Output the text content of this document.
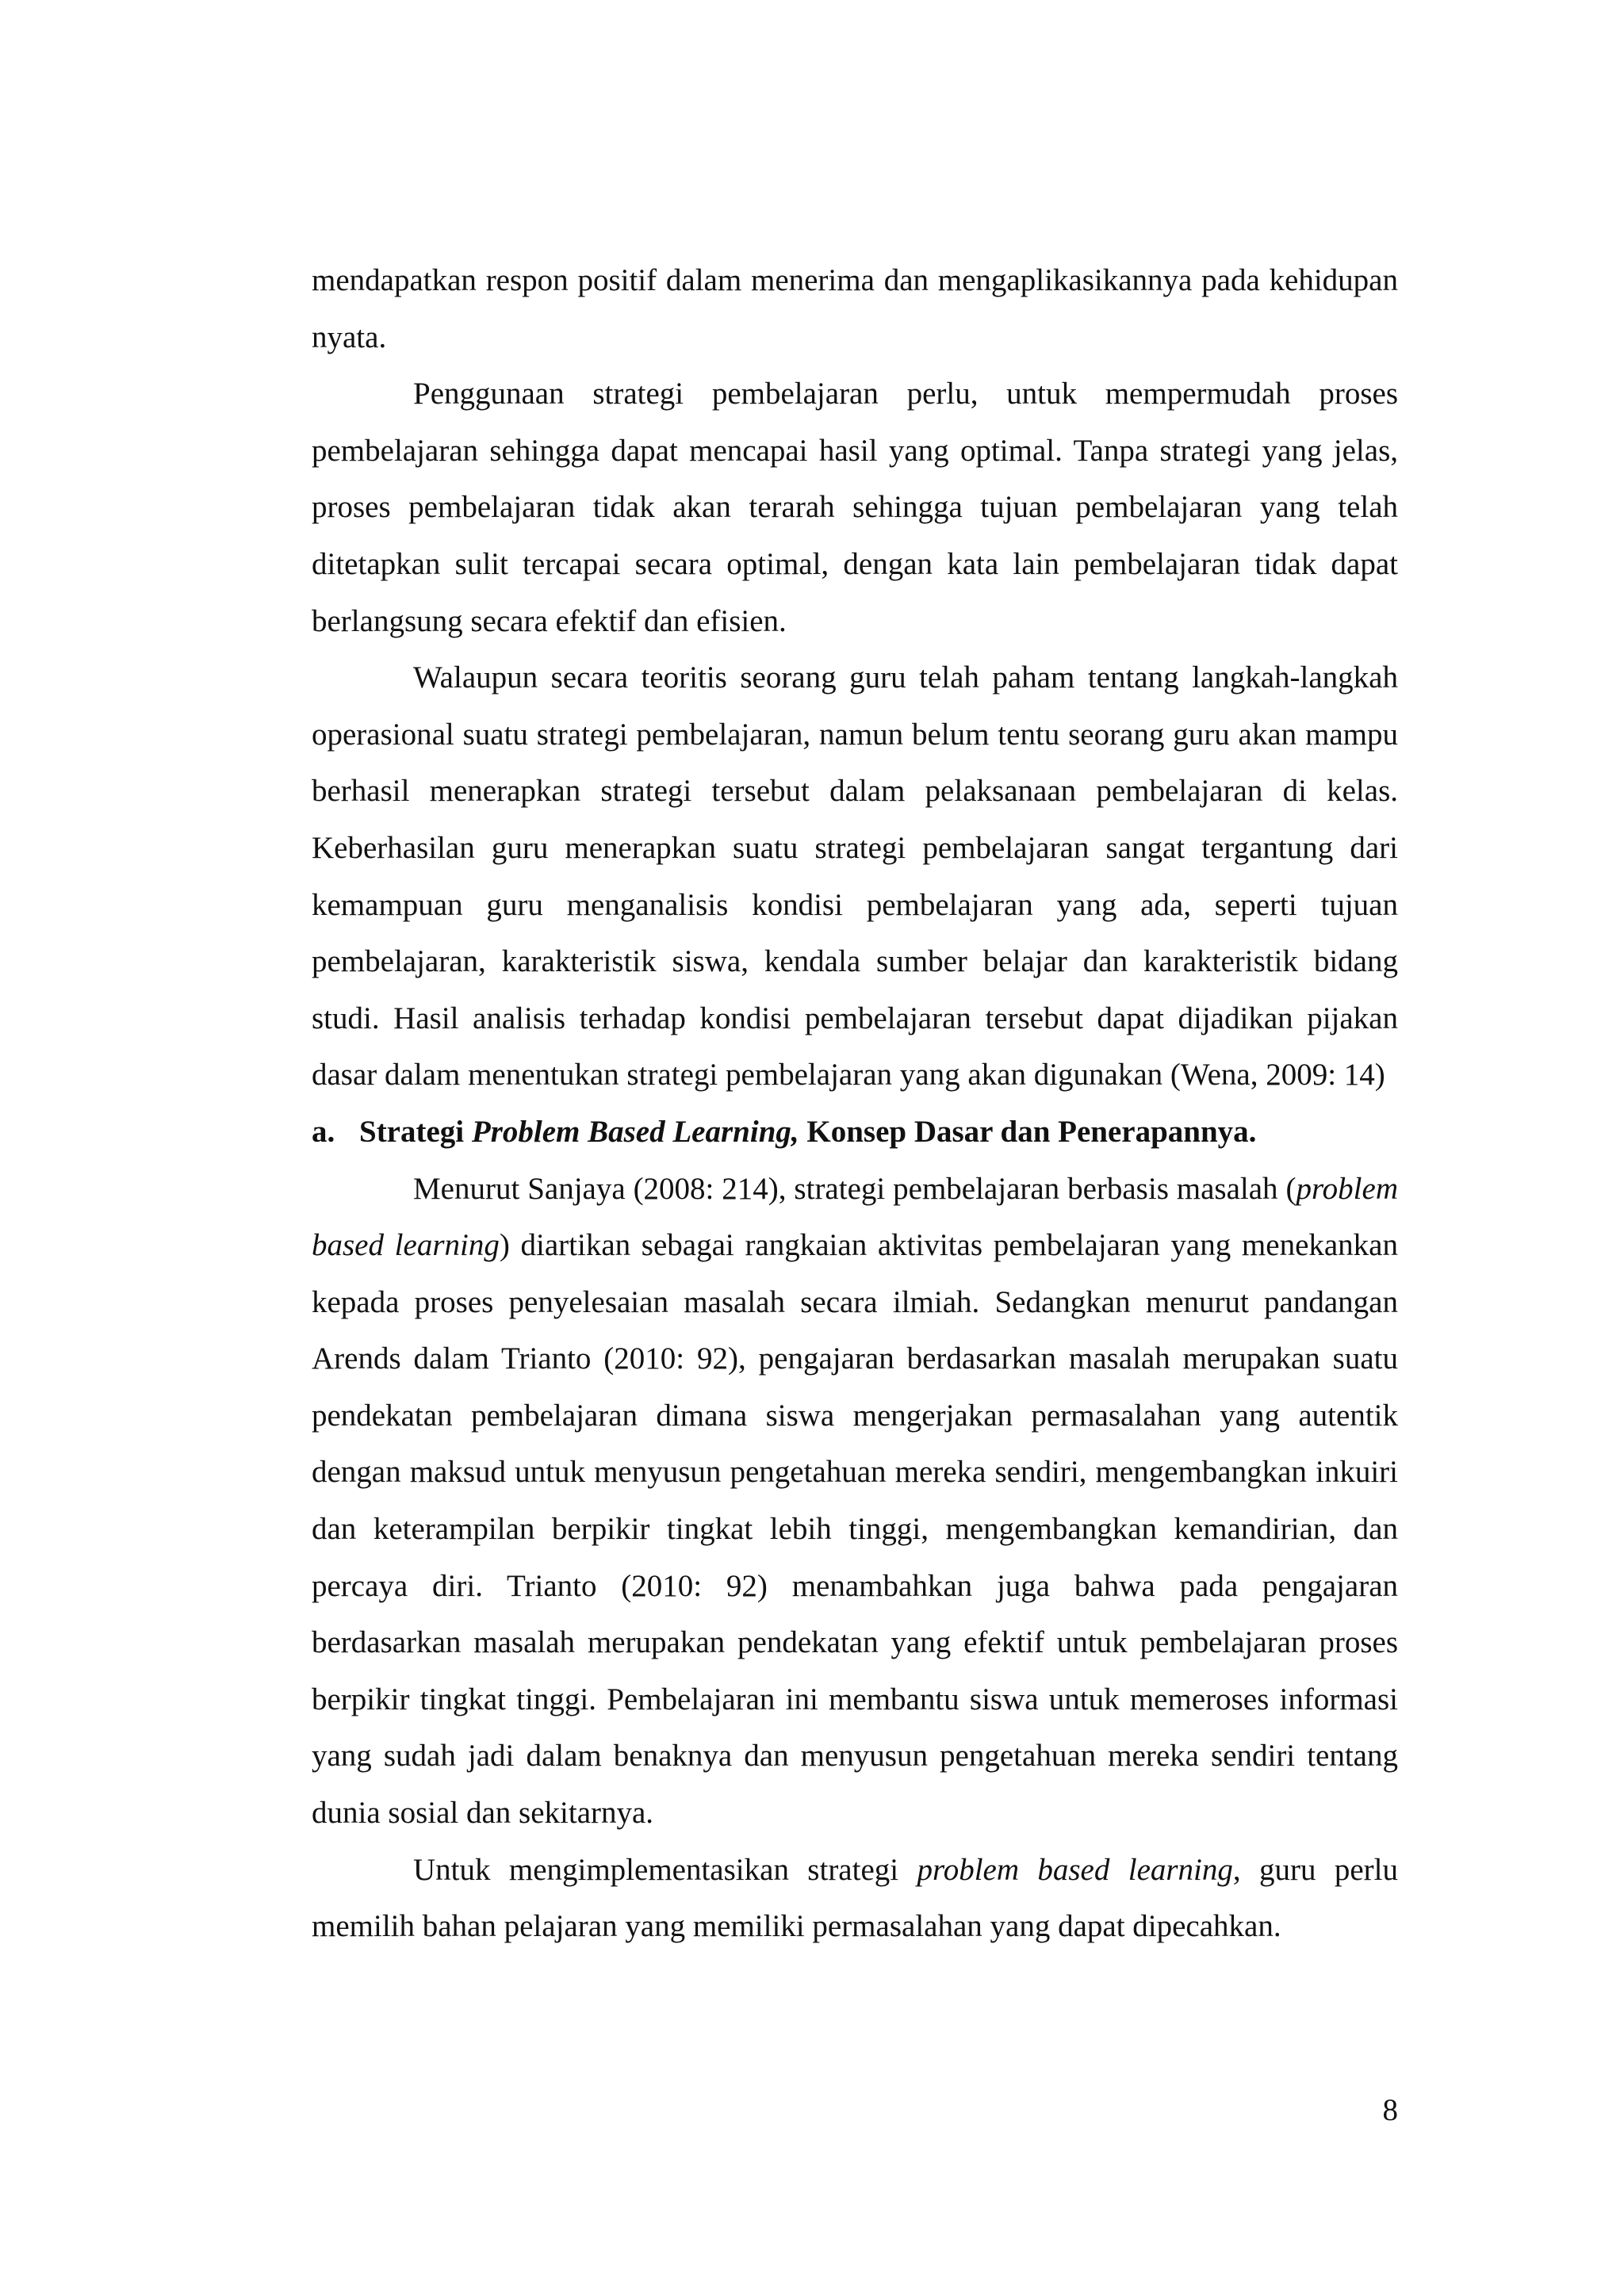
mendapatkan respon positif dalam menerima dan mengaplikasikannya pada kehidupan nyata.

Penggunaan strategi pembelajaran perlu, untuk mempermudah proses pembelajaran sehingga dapat mencapai hasil yang optimal. Tanpa strategi yang jelas, proses pembelajaran tidak akan terarah sehingga tujuan pembelajaran yang telah ditetapkan sulit tercapai secara optimal, dengan kata lain pembelajaran tidak dapat berlangsung secara efektif dan efisien.

Walaupun secara teoritis seorang guru telah paham tentang langkah-langkah operasional suatu strategi pembelajaran, namun belum tentu seorang guru akan mampu berhasil menerapkan strategi tersebut dalam pelaksanaan pembelajaran di kelas. Keberhasilan guru menerapkan suatu strategi pembelajaran sangat tergantung dari kemampuan guru menganalisis kondisi pembelajaran yang ada, seperti tujuan pembelajaran, karakteristik siswa, kendala sumber belajar dan karakteristik bidang studi. Hasil analisis terhadap kondisi pembelajaran tersebut dapat dijadikan pijakan dasar dalam menentukan strategi pembelajaran yang akan digunakan (Wena, 2009: 14)

a. Strategi Problem Based Learning, Konsep Dasar dan Penerapannya.

Menurut Sanjaya (2008: 214), strategi pembelajaran berbasis masalah (problem based learning) diartikan sebagai rangkaian aktivitas pembelajaran yang menekankan kepada proses penyelesaian masalah secara ilmiah. Sedangkan menurut pandangan Arends dalam Trianto (2010: 92), pengajaran berdasarkan masalah merupakan suatu pendekatan pembelajaran dimana siswa mengerjakan permasalahan yang autentik dengan maksud untuk menyusun pengetahuan mereka sendiri, mengembangkan inkuiri dan keterampilan berpikir tingkat lebih tinggi, mengembangkan kemandirian, dan percaya diri. Trianto (2010: 92) menambahkan juga bahwa pada pengajaran berdasarkan masalah merupakan pendekatan yang efektif untuk pembelajaran proses berpikir tingkat tinggi. Pembelajaran ini membantu siswa untuk memeroses informasi yang sudah jadi dalam benaknya dan menyusun pengetahuan mereka sendiri tentang dunia sosial dan sekitarnya.

Untuk mengimplementasikan strategi problem based learning, guru perlu memilih bahan pelajaran yang memiliki permasalahan yang dapat dipecahkan.

8
